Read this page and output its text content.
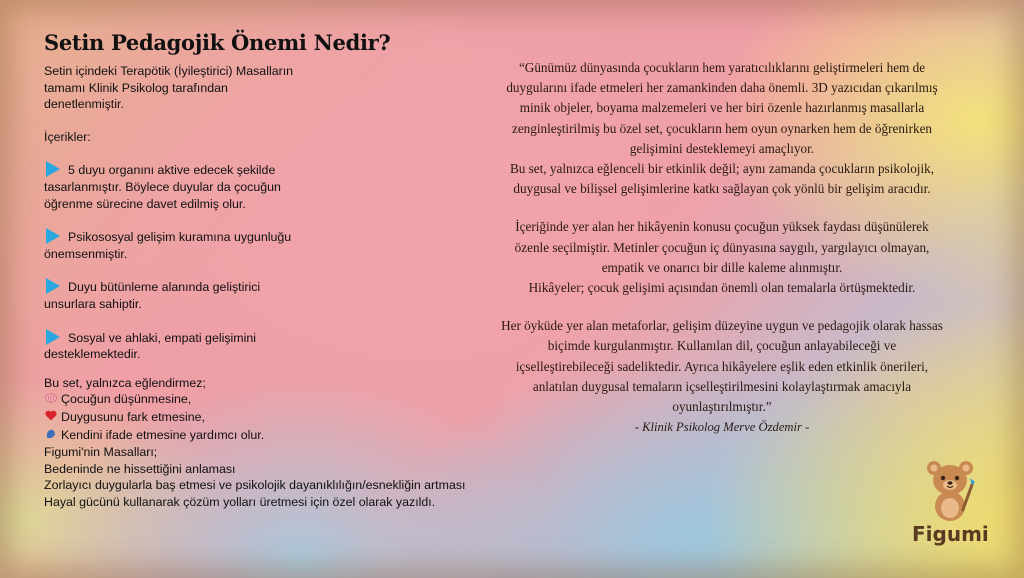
Setin Pedagojik Önemi Nedir?

Setin içindeki Terapötik (İyileştirici) Masalların

tamamı Klinik Psikolog tarafından

denetlenmiştir.

İçerikler:

5 duyu organını aktive edecek şekilde

tasarlanmıştır. Böylece duyular da çocuğun

öğrenme sürecine davet edilmiş olur.

Psikososyal gelişim kuramına uygunluğu

önemsenmiştir.

Duyu bütünleme alanında geliştirici

unsurlara sahiptir.

Sosyal ve ahlaki, empati gelişimini

desteklemektedir.

Bu set, yalnızca eğlendirmez;

Çocuğun düşünmesine,

Duygusunu fark etmesine,

Kendini ifade etmesine yardımcı olur.

Figumi'nin Masalları;

Bedeninde ne hissettiğini anlaması

Zorlayıcı duygularla baş etmesi ve psikolojik dayanıklılığın/esnekliğin artması

Hayal gücünü kullanarak çözüm yolları üretmesi için özel olarak yazıldı.

“Günümüz dünyasında çocukların hem yaratıcılıklarını geliştirmeleri hem de

duygularını ifade etmeleri her zamankinden daha önemli. 3D yazıcıdan çıkarılmış

minik objeler, boyama malzemeleri ve her biri özenle hazırlanmış masallarla

zenginleştirilmiş bu özel set, çocukların hem oyun oynarken hem de öğrenirken

gelişimini desteklemeyi amaçlıyor.

Bu set, yalnızca eğlenceli bir etkinlik değil; aynı zamanda çocukların psikolojik,

duygusal ve bilişsel gelişimlerine katkı sağlayan çok yönlü bir gelişim aracıdır.

İçeriğinde yer alan her hikâyenin konusu çocuğun yüksek faydası düşünülerek

özenle seçilmiştir. Metinler çocuğun iç dünyasına saygılı, yargılayıcı olmayan,

empatik ve onarıcı bir dille kaleme alınmıştır.

Hikâyeler; çocuk gelişimi açısından önemli olan temalarla örtüşmektedir.

Her öyküde yer alan metaforlar, gelişim düzeyine uygun ve pedagojik olarak hassas

biçimde kurgulanmıştır. Kullanılan dil, çocuğun anlayabileceği ve

içselleştirebileceği sadeliktedir. Ayrıca hikâyelere eşlik eden etkinlik önerileri,

anlatılan duygusal temaların içselleştirilmesini kolaylaştırmak amacıyla

oyunlaştırılmıştır.”

- Klinik Psikolog Merve Özdemir -

Figumi
